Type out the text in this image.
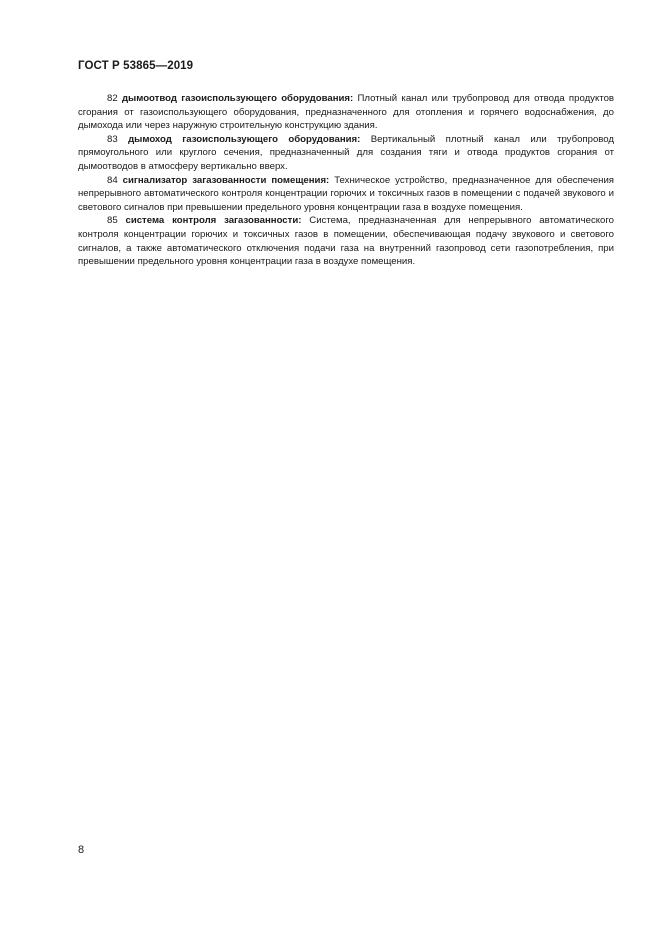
ГОСТ Р 53865—2019

82 дымоотвод газоиспользующего оборудования: Плотный канал или трубопровод для отвода продуктов сгорания от газоиспользующего оборудования, предназначенного для отопления и горячего водоснабжения, до дымохода или через наружную строительную конструкцию здания.

83 дымоход газоиспользующего оборудования: Вертикальный плотный канал или трубопровод прямоугольного или круглого сечения, предназначенный для создания тяги и отвода продуктов сгорания от дымоотводов в атмосферу вертикально вверх.

84 сигнализатор загазованности помещения: Техническое устройство, предназначенное для обеспечения непрерывного автоматического контроля концентрации горючих и токсичных газов в помещении с подачей звукового и светового сигналов при превышении предельного уровня концентрации газа в воздухе помещения.

85 система контроля загазованности: Система, предназначенная для непрерывного автоматического контроля концентрации горючих и токсичных газов в помещении, обеспечивающая подачу звукового и светового сигналов, а также автоматического отключения подачи газа на внутренний газопровод сети газопотребления, при превышении предельного уровня концентрации газа в воздухе помещения.

8
